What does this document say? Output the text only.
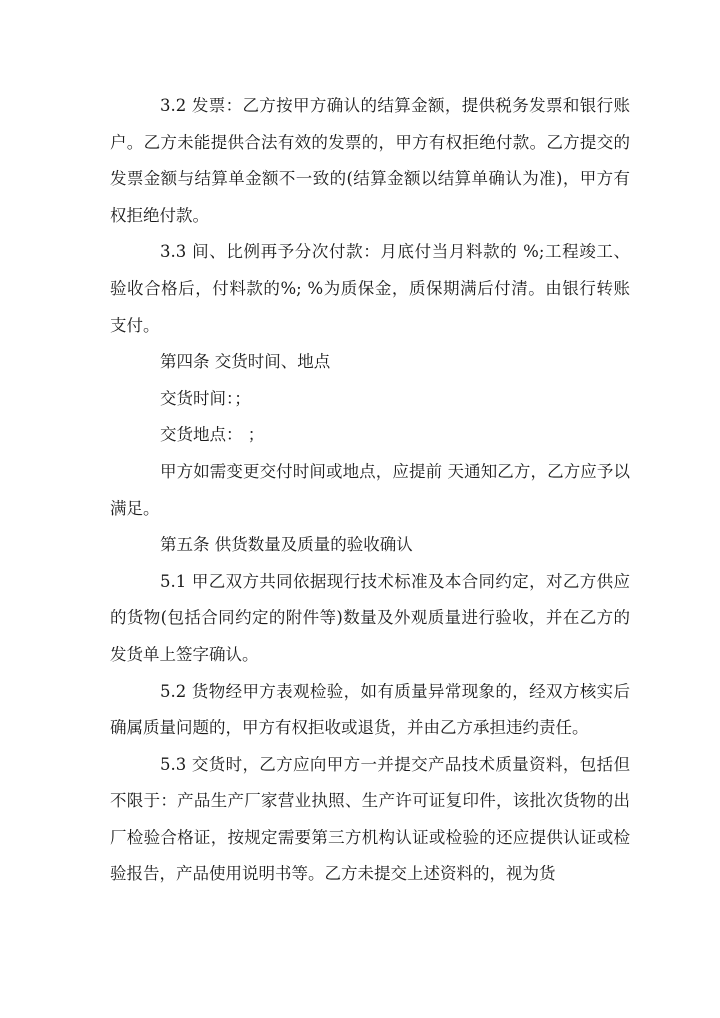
3.2 发票：乙方按甲方确认的结算金额，提供税务发票和银行账户。乙方未能提供合法有效的发票的，甲方有权拒绝付款。乙方提交的发票金额与结算单金额不一致的(结算金额以结算单确认为准)，甲方有权拒绝付款。

3.3 间、比例再予分次付款：月底付当月料款的 %;工程竣工、验收合格后，付料款的%; %为质保金，质保期满后付清。由银行转账支付。

第四条 交货时间、地点

交货时间：；

交货地点： ；

甲方如需变更交付时间或地点，应提前 天通知乙方，乙方应予以满足。

第五条 供货数量及质量的验收确认

5.1 甲乙双方共同依据现行技术标准及本合同约定，对乙方供应的货物(包括合同约定的附件等)数量及外观质量进行验收，并在乙方的发货单上签字确认。

5.2 货物经甲方表观检验，如有质量异常现象的，经双方核实后确属质量问题的，甲方有权拒收或退货，并由乙方承担违约责任。

5.3 交货时，乙方应向甲方一并提交产品技术质量资料，包括但不限于：产品生产厂家营业执照、生产许可证复印件，该批次货物的出厂检验合格证，按规定需要第三方机构认证或检验的还应提供认证或检验报告，产品使用说明书等。乙方未提交上述资料的，视为货
